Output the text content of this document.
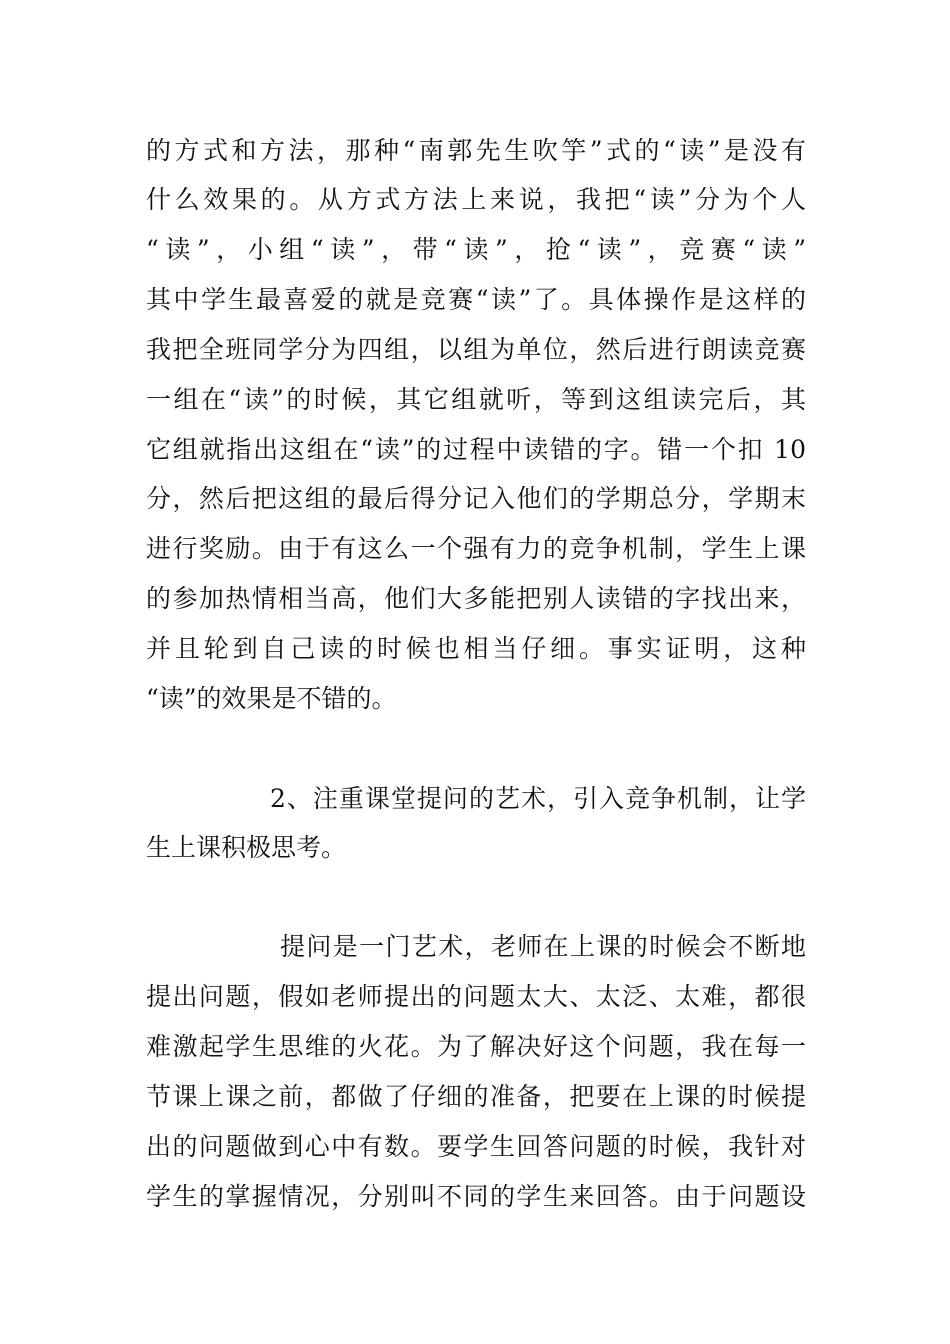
的方式和方法，那种“南郭先生吹竽”式的“读”是没有
什么效果的。从方式方法上来说，我把“读”分为个人
“读”，小组“读”，带“读”，抢“读”，竞赛“读”
其中学生最喜爱的就是竞赛“读”了。具体操作是这样的
我把全班同学分为四组，以组为单位，然后进行朗读竞赛
一组在“读”的时候，其它组就听，等到这组读完后，其
它组就指出这组在“读”的过程中读错的字。错一个扣 10
分，然后把这组的最后得分记入他们的学期总分，学期末
进行奖励。由于有这么一个强有力的竞争机制，学生上课
的参加热情相当高，他们大多能把别人读错的字找出来，
并且轮到自己读的时候也相当仔细。事实证明，这种
“读”的效果是不错的。
2、注重课堂提问的艺术，引入竞争机制，让学
生上课积极思考。
提问是一门艺术，老师在上课的时候会不断地
提出问题，假如老师提出的问题太大、太泛、太难，都很
难激起学生思维的火花。为了解决好这个问题，我在每一
节课上课之前，都做了仔细的准备，把要在上课的时候提
出的问题做到心中有数。要学生回答问题的时候，我针对
学生的掌握情况，分别叫不同的学生来回答。由于问题设
